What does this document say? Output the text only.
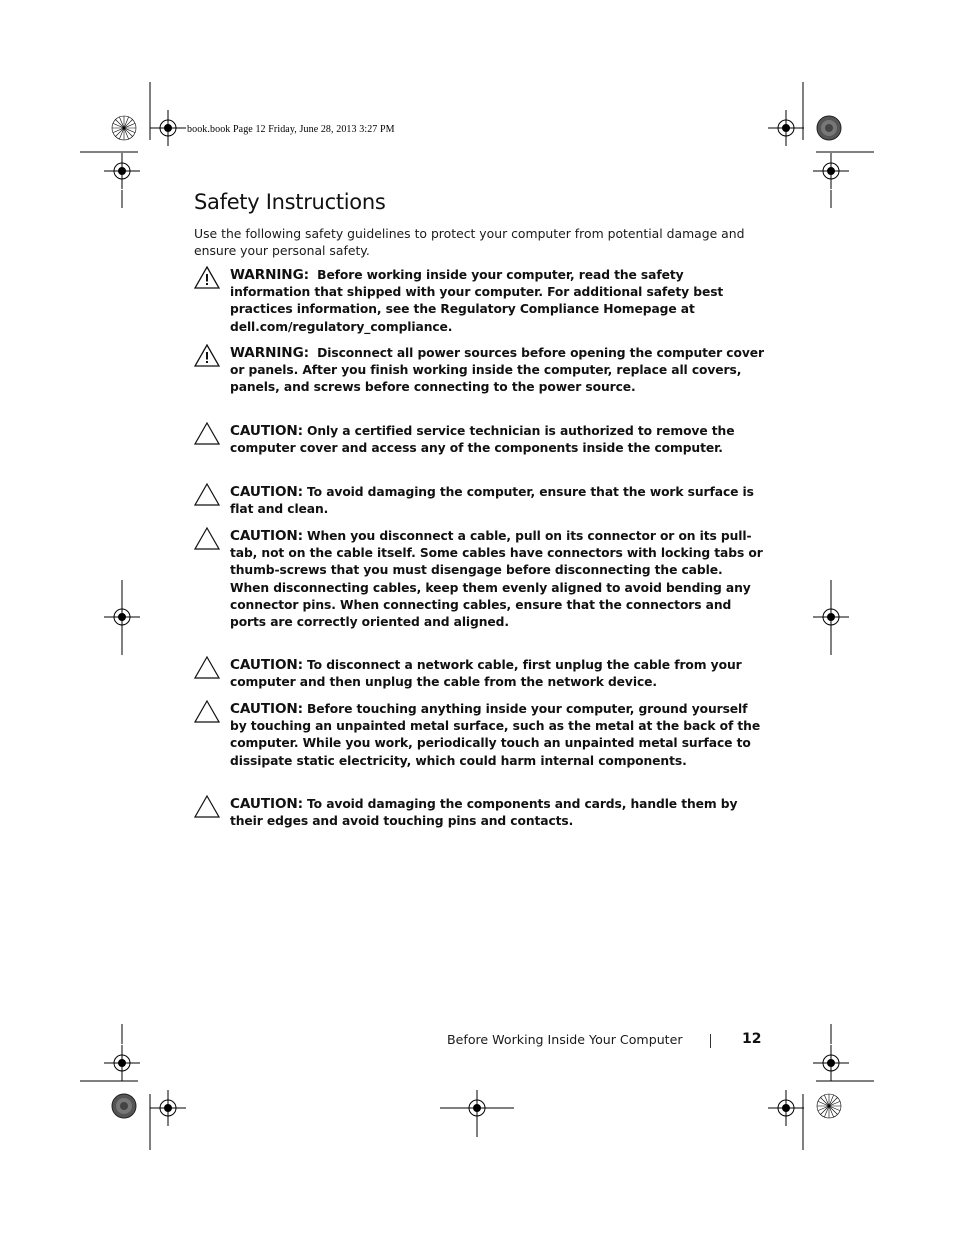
book.book Page 12 Friday, June 28, 2013 3:27 PM
Safety Instructions

Use the following safety guidelines to protect your computer from potential damage and ensure your personal safety.

WARNING: Before working inside your computer, read the safety information that shipped with your computer. For additional safety best practices information, see the Regulatory Compliance Homepage at dell.com/regulatory_compliance.
WARNING: Disconnect all power sources before opening the computer cover or panels. After you finish working inside the computer, replace all covers, panels, and screws before connecting to the power source.
CAUTION: Only a certified service technician is authorized to remove the computer cover and access any of the components inside the computer.
CAUTION: To avoid damaging the computer, ensure that the work surface is flat and clean.
CAUTION: When you disconnect a cable, pull on its connector or on its pull-tab, not on the cable itself. Some cables have connectors with locking tabs or thumb-screws that you must disengage before disconnecting the cable. When disconnecting cables, keep them evenly aligned to avoid bending any connector pins. When connecting cables, ensure that the connectors and ports are correctly oriented and aligned.
CAUTION: To disconnect a network cable, first unplug the cable from your computer and then unplug the cable from the network device.
CAUTION: Before touching anything inside your computer, ground yourself by touching an unpainted metal surface, such as the metal at the back of the computer. While you work, periodically touch an unpainted metal surface to dissipate static electricity, which could harm internal components.
CAUTION: To avoid damaging the components and cards, handle them by their edges and avoid touching pins and contacts.
Before Working Inside Your Computer	12
